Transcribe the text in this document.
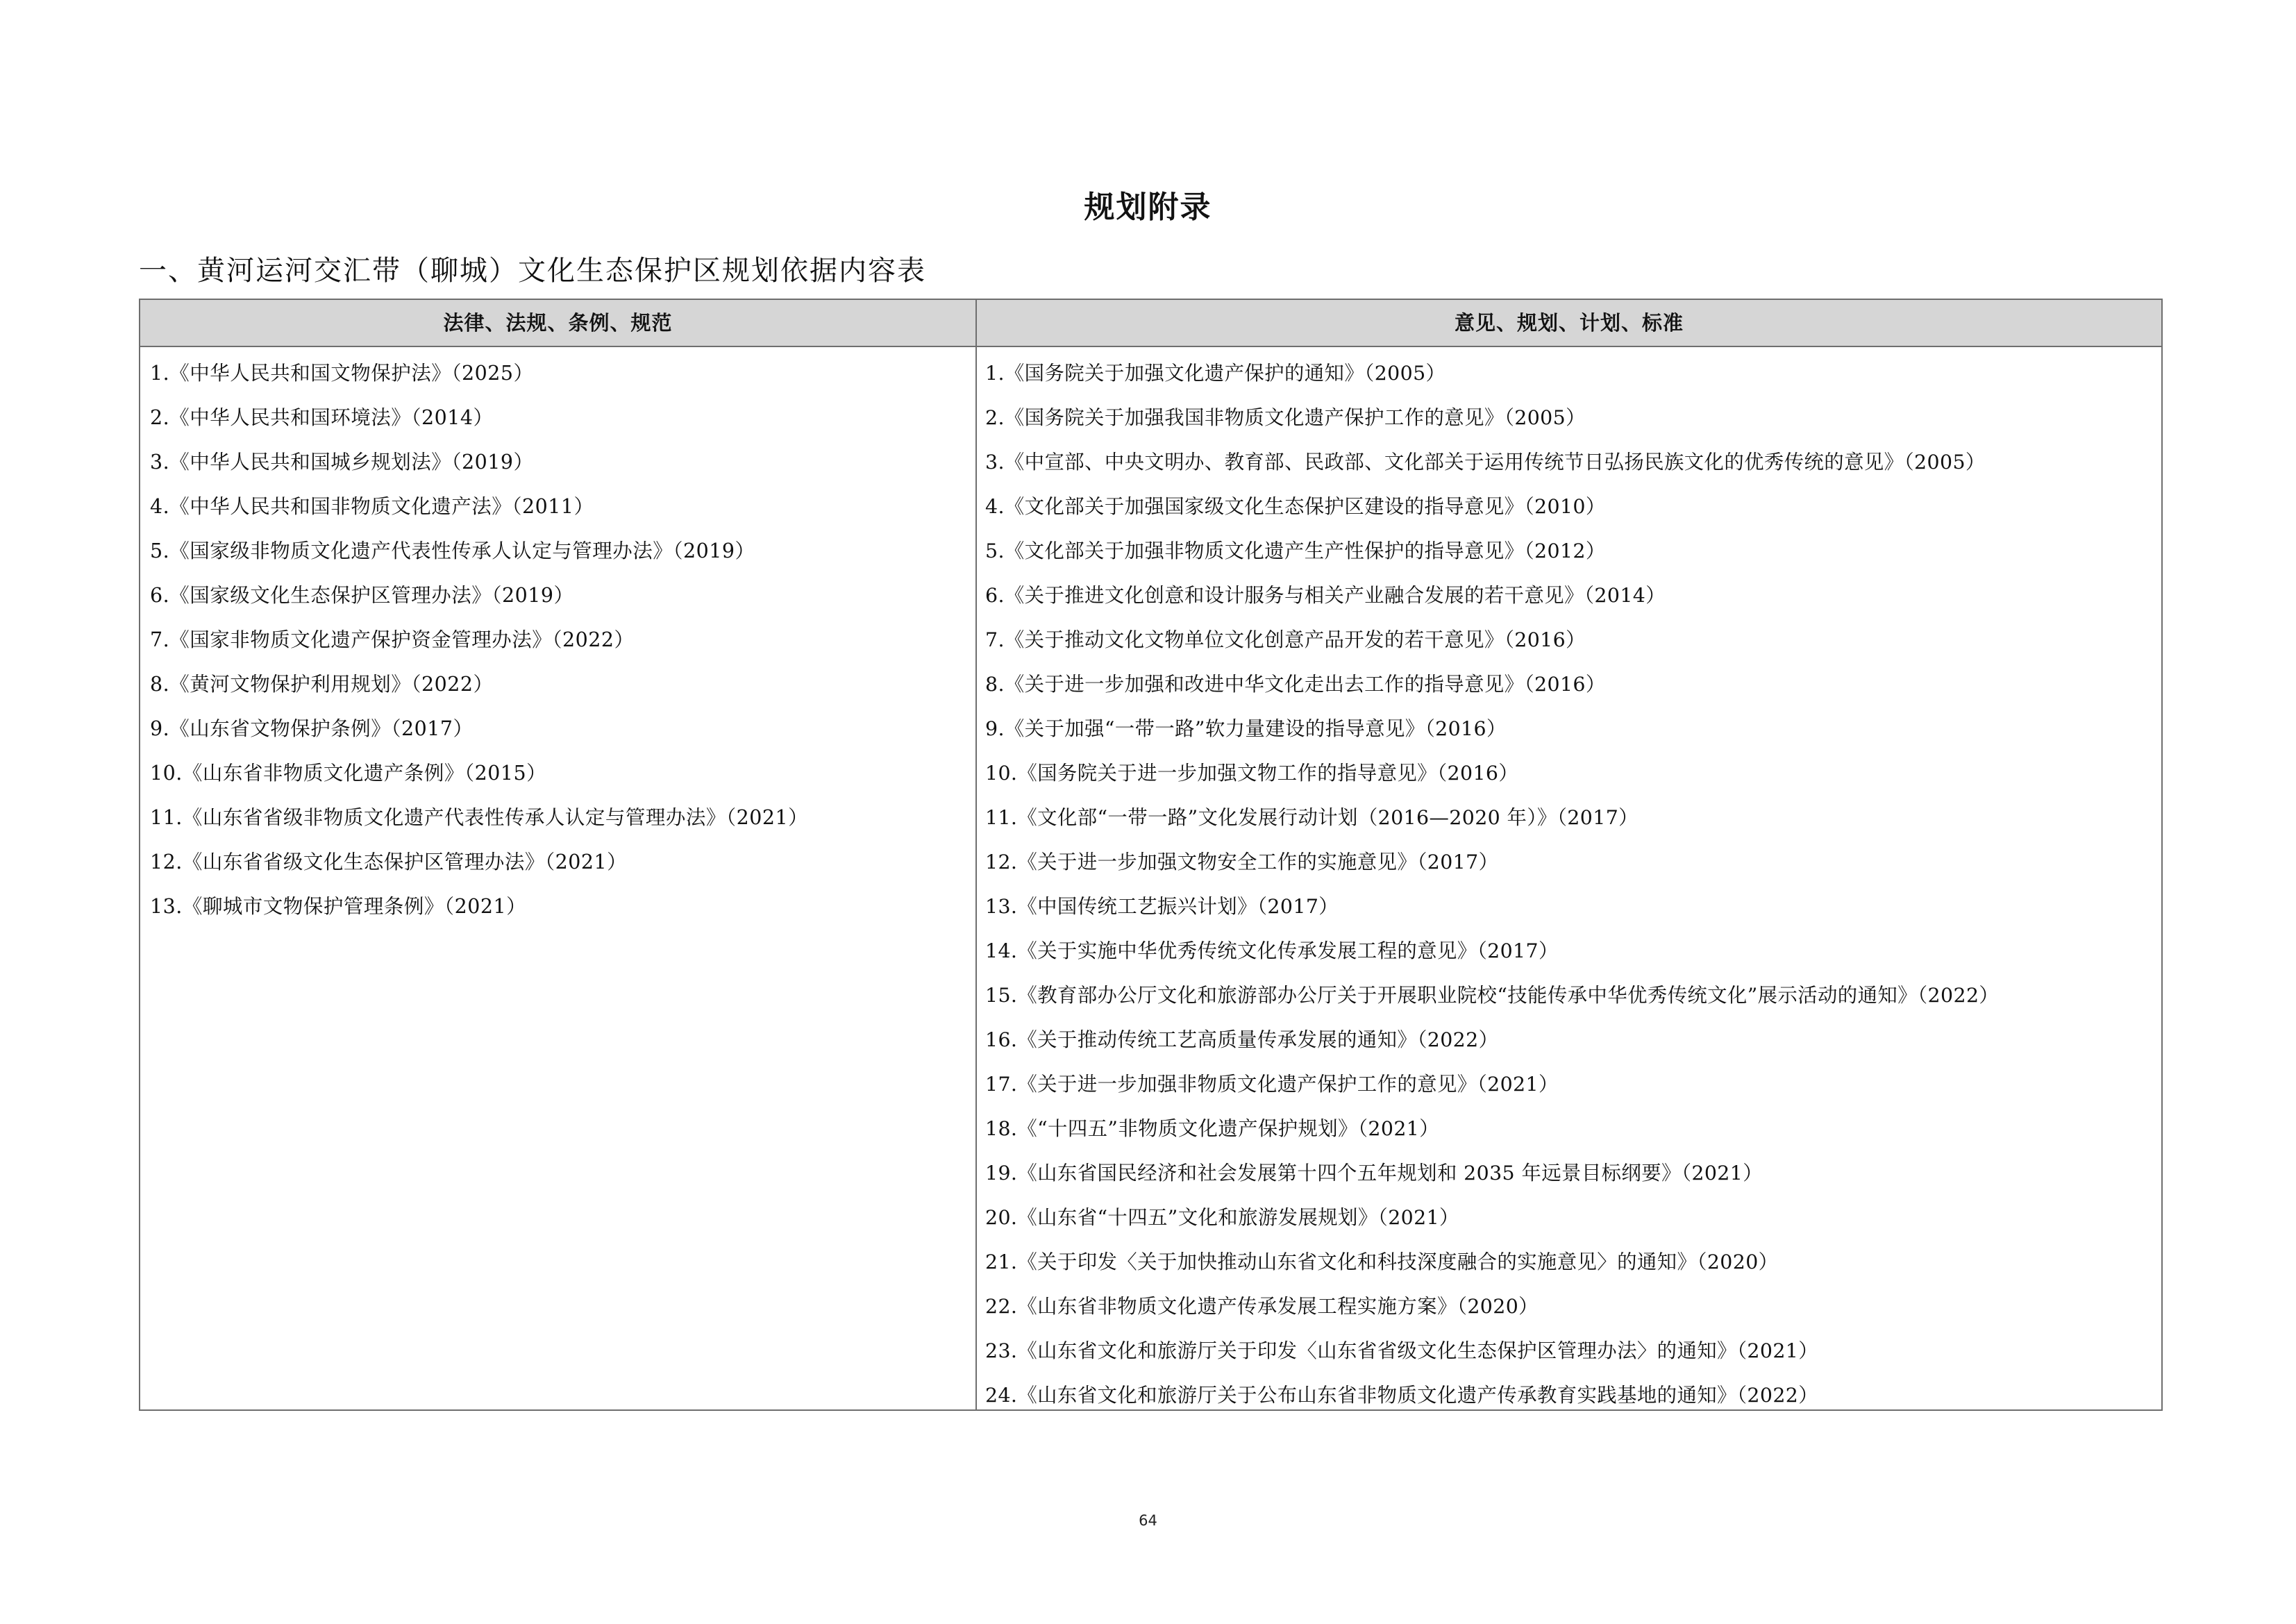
规划附录
一、黄河运河交汇带（聊城）文化生态保护区规划依据内容表
法律、法规、条例、规范
1.《中华人民共和国文物保护法》（2025）
2.《中华人民共和国环境法》（2014）
3.《中华人民共和国城乡规划法》（2019）
4.《中华人民共和国非物质文化遗产法》（2011）
5.《国家级非物质文化遗产代表性传承人认定与管理办法》（2019）
6.《国家级文化生态保护区管理办法》（2019）
7.《国家非物质文化遗产保护资金管理办法》（2022）
8.《黄河文物保护利用规划》（2022）
9.《山东省文物保护条例》（2017）
10.《山东省非物质文化遗产条例》（2015）
11.《山东省省级非物质文化遗产代表性传承人认定与管理办法》（2021）
12.《山东省省级文化生态保护区管理办法》（2021）
13.《聊城市文物保护管理条例》（2021）
意见、规划、计划、标准
1.《国务院关于加强文化遗产保护的通知》（2005）
2.《国务院关于加强我国非物质文化遗产保护工作的意见》（2005）
3.《中宣部、中央文明办、教育部、民政部、文化部关于运用传统节日弘扬民族文化的优秀传统的意见》（2005）
4.《文化部关于加强国家级文化生态保护区建设的指导意见》（2010）
5.《文化部关于加强非物质文化遗产生产性保护的指导意见》（2012）
6.《关于推进文化创意和设计服务与相关产业融合发展的若干意见》（2014）
7.《关于推动文化文物单位文化创意产品开发的若干意见》（2016）
8.《关于进一步加强和改进中华文化走出去工作的指导意见》（2016）
9.《关于加强“一带一路”软力量建设的指导意见》（2016）
10.《国务院关于进一步加强文物工作的指导意见》（2016）
11.《文化部“一带一路”文化发展行动计划（2016—2020 年）》（2017）
12.《关于进一步加强文物安全工作的实施意见》（2017）
13.《中国传统工艺振兴计划》（2017）
14.《关于实施中华优秀传统文化传承发展工程的意见》（2017）
15.《教育部办公厅文化和旅游部办公厅关于开展职业院校“技能传承中华优秀传统文化”展示活动的通知》（2022）
16.《关于推动传统工艺高质量传承发展的通知》（2022）
17.《关于进一步加强非物质文化遗产保护工作的意见》（2021）
18.《“十四五”非物质文化遗产保护规划》（2021）
19.《山东省国民经济和社会发展第十四个五年规划和 2035 年远景目标纲要》（2021）
20.《山东省“十四五”文化和旅游发展规划》（2021）
21.《关于印发〈关于加快推动山东省文化和科技深度融合的实施意见〉的通知》（2020）
22.《山东省非物质文化遗产传承发展工程实施方案》（2020）
23.《山东省文化和旅游厅关于印发〈山东省省级文化生态保护区管理办法〉的通知》（2021）
24.《山东省文化和旅游厅关于公布山东省非物质文化遗产传承教育实践基地的通知》（2022）
64
